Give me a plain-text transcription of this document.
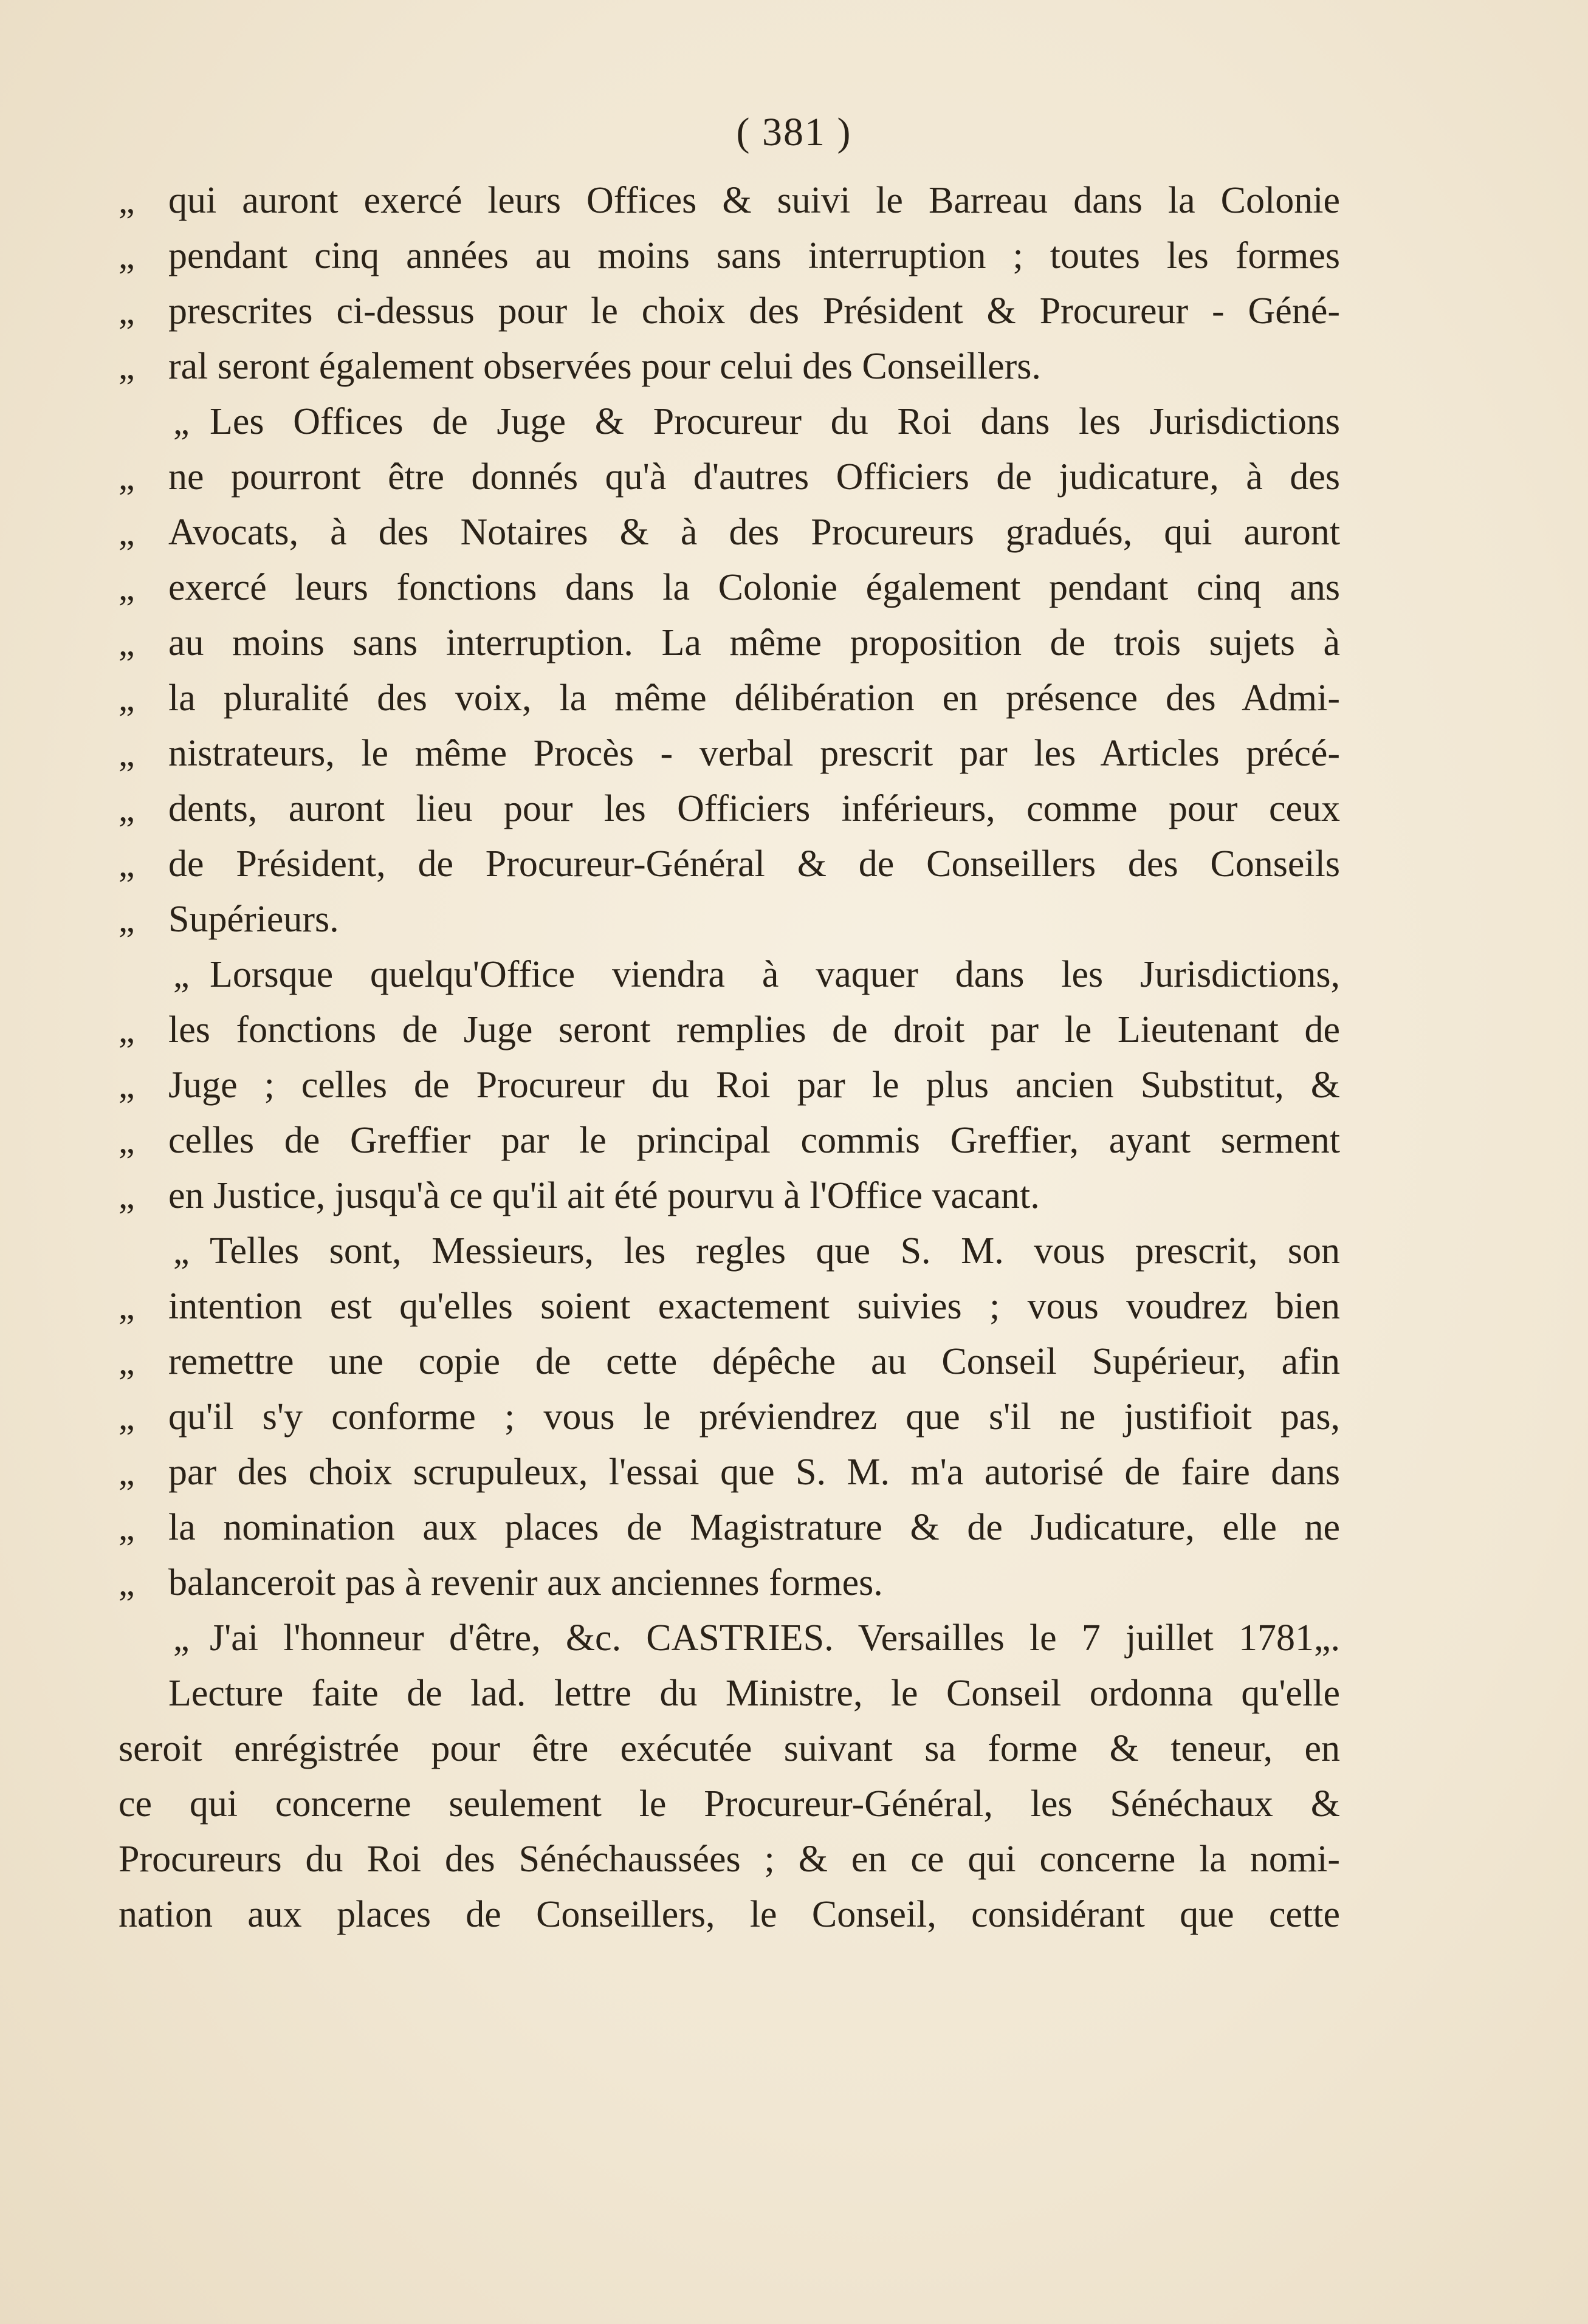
( 381 )
„ qui auront exercé leurs Offices & suivi le Barreau dans la Colonie
„ pendant cinq années au moins sans interruption ; toutes les formes
„ prescrites ci-dessus pour le choix des Président & Procureur - Géné-
„ ral seront également observées pour celui des Conseillers.
„ Les Offices de Juge & Procureur du Roi dans les Jurisdictions
„ ne pourront être donnés qu'à d'autres Officiers de judicature, à des
„ Avocats, à des Notaires & à des Procureurs gradués, qui auront
„ exercé leurs fonctions dans la Colonie également pendant cinq ans
„ au moins sans interruption. La même proposition de trois sujets à
„ la pluralité des voix, la même délibération en présence des Admi-
„ nistrateurs, le même Procès - verbal prescrit par les Articles précé-
„ dents, auront lieu pour les Officiers inférieurs, comme pour ceux
„ de Président, de Procureur-Général & de Conseillers des Conseils
„ Supérieurs.
„ Lorsque quelqu'Office viendra à vaquer dans les Jurisdictions,
„ les fonctions de Juge seront remplies de droit par le Lieutenant de
„ Juge ; celles de Procureur du Roi par le plus ancien Substitut, &
„ celles de Greffier par le principal commis Greffier, ayant serment
„ en Justice, jusqu'à ce qu'il ait été pourvu à l'Office vacant.
„ Telles sont, Messieurs, les regles que S. M. vous prescrit, son
„ intention est qu'elles soient exactement suivies ; vous voudrez bien
„ remettre une copie de cette dépêche au Conseil Supérieur, afin
„ qu'il s'y conforme ; vous le préviendrez que s'il ne justifioit pas,
„ par des choix scrupuleux, l'essai que S. M. m'a autorisé de faire dans
„ la nomination aux places de Magistrature & de Judicature, elle ne
„ balanceroit pas à revenir aux anciennes formes.
„ J'ai l'honneur d'être, &c. CASTRIES. Versailles le 7 juillet 1781„.
Lecture faite de lad. lettre du Ministre, le Conseil ordonna qu'elle
seroit enrégistrée pour être exécutée suivant sa forme & teneur, en
ce qui concerne seulement le Procureur-Général, les Sénéchaux &
Procureurs du Roi des Sénéchaussées ; & en ce qui concerne la nomi-
nation aux places de Conseillers, le Conseil, considérant que cette
